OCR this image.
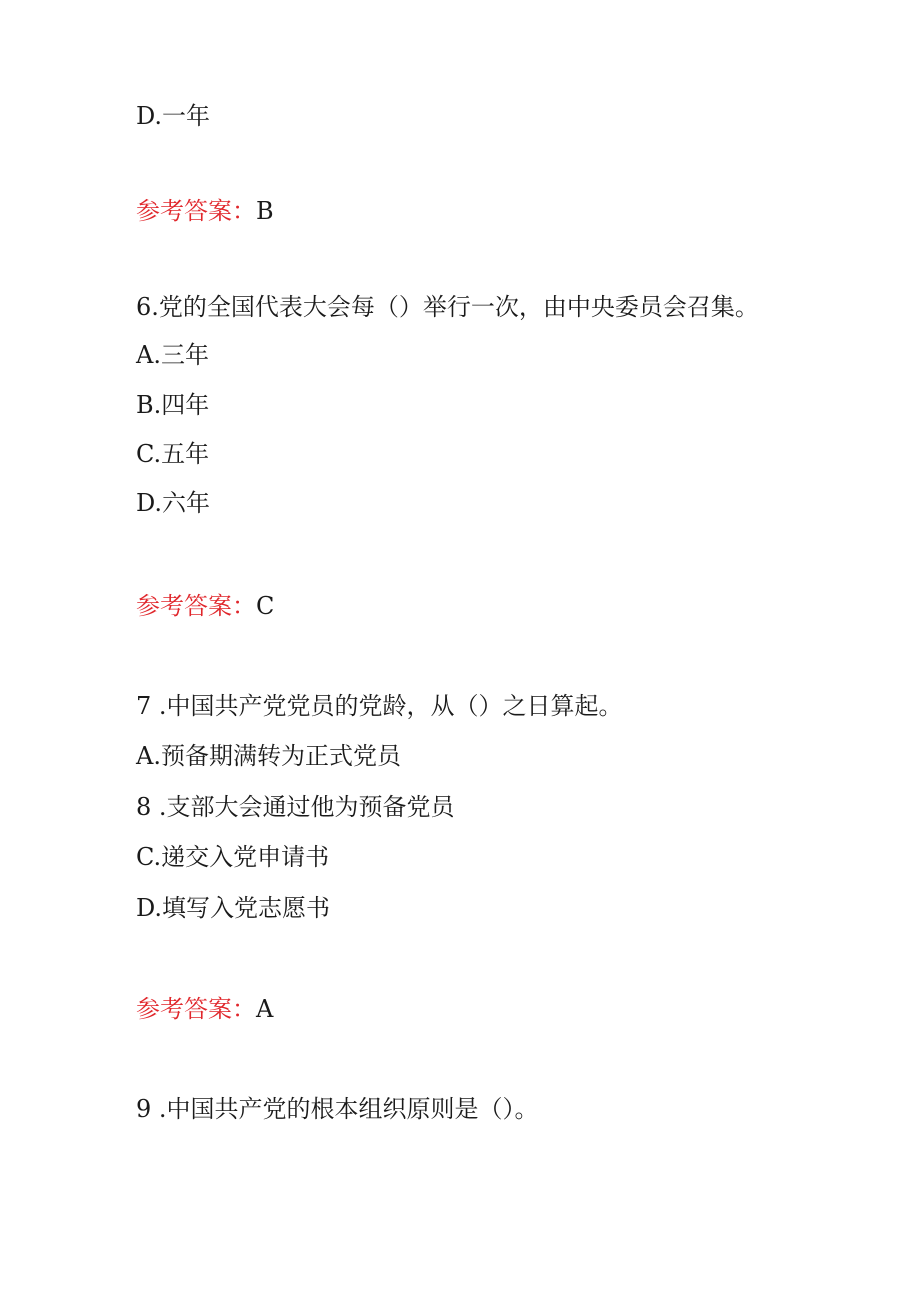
D.一年
参考答案：B
6.党的全国代表大会每（）举行一次，由中央委员会召集。
A.三年
B.四年
C.五年
D.六年
参考答案：C
7 .中国共产党党员的党龄，从（）之日算起。
A.预备期满转为正式党员
8 .支部大会通过他为预备党员
C.递交入党申请书
D.填写入党志愿书
参考答案：A
9 .中国共产党的根本组织原则是（）。
